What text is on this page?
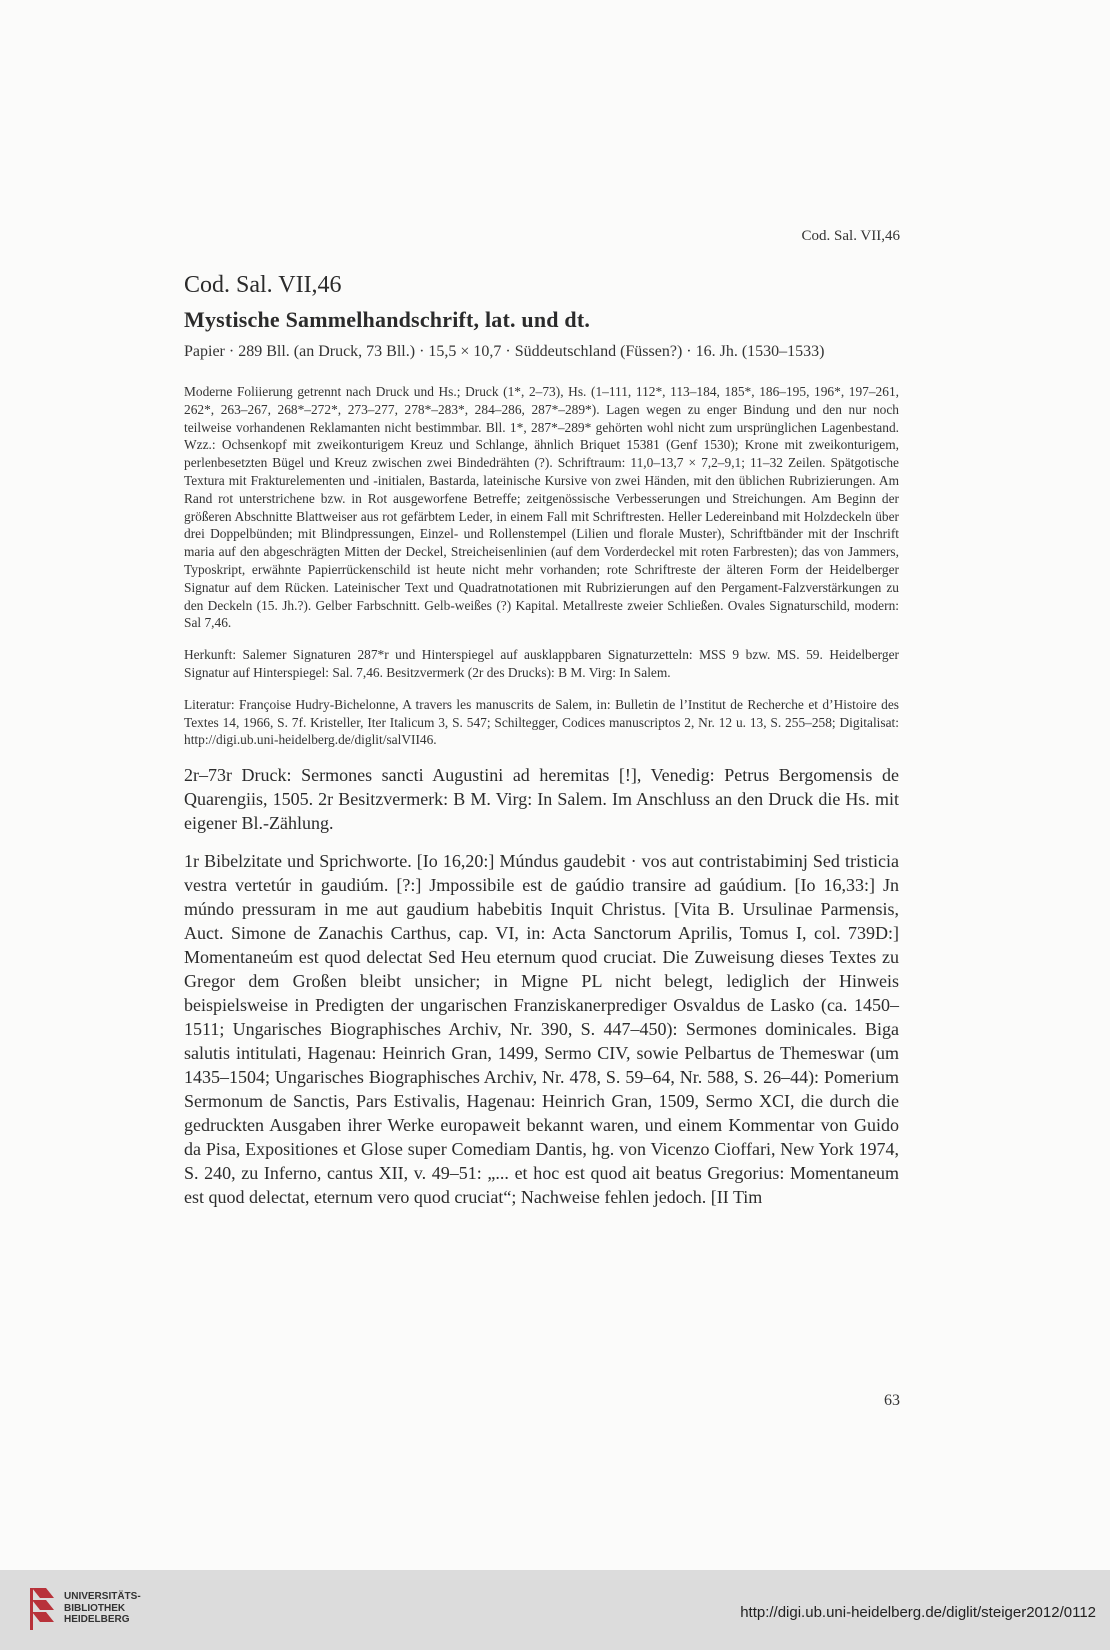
Cod. Sal. VII,46
Cod. Sal. VII,46
Mystische Sammelhandschrift, lat. und dt.
Papier · 289 Bll. (an Druck, 73 Bll.) · 15,5 × 10,7 · Süddeutschland (Füssen?) · 16. Jh. (1530–1533)

Moderne Foliierung getrennt nach Druck und Hs.; Druck (1*, 2–73), Hs. (1–111, 112*, 113–184, 185*, 186–195, 196*, 197–261, 262*, 263–267, 268*–272*, 273–277, 278*–283*, 284–286, 287*–289*). Lagen wegen zu enger Bindung und den nur noch teilweise vorhandenen Reklamanten nicht bestimmbar. Bll. 1*, 287*–289* gehörten wohl nicht zum ursprünglichen Lagenbestand. Wzz.: Ochsenkopf mit zweikonturigem Kreuz und Schlange, ähnlich Briquet 15381 (Genf 1530); Krone mit zweikonturigem, perlenbesetzten Bügel und Kreuz zwischen zwei Bindedrähten (?). Schriftraum: 11,0–13,7 × 7,2–9,1; 11–32 Zeilen. Spätgotische Textura mit Frakturelementen und -initialen, Bastarda, lateinische Kursive von zwei Händen, mit den üblichen Rubrizierungen. Am Rand rot unterstrichene bzw. in Rot ausgeworfene Betreffe; zeitgenössische Verbesserungen und Streichungen. Am Beginn der größeren Abschnitte Blattweiser aus rot gefärbtem Leder, in einem Fall mit Schriftresten. Heller Ledereinband mit Holzdeckeln über drei Doppelbünden; mit Blindpressungen, Einzel- und Rollenstempel (Lilien und florale Muster), Schriftbänder mit der Inschrift maria auf den abgeschrägten Mitten der Deckel, Streicheisenlinien (auf dem Vorderdeckel mit roten Farbresten); das von Jammers, Typoskript, erwähnte Papierrückenschild ist heute nicht mehr vorhanden; rote Schriftreste der älteren Form der Heidelberger Signatur auf dem Rücken. Lateinischer Text und Quadratnotationen mit Rubrizierungen auf den Pergament-Falzverstärkungen zu den Deckeln (15. Jh.?). Gelber Farbschnitt. Gelb-weißes (?) Kapital. Metallreste zweier Schließen. Ovales Signaturschild, modern: Sal 7,46.

Herkunft: Salemer Signaturen 287*r und Hinterspiegel auf ausklappbaren Signaturzetteln: MSS 9 bzw. MS. 59. Heidelberger Signatur auf Hinterspiegel: Sal. 7,46. Besitzvermerk (2r des Drucks): B M. Virg: In Salem.

Literatur: Françoise Hudry-Bichelonne, A travers les manuscrits de Salem, in: Bulletin de l’Institut de Recherche et d’Histoire des Textes 14, 1966, S. 7f. Kristeller, Iter Italicum 3, S. 547; Schiltegger, Codices manuscriptos 2, Nr. 12 u. 13, S. 255–258; Digitalisat: http://digi.ub.uni-heidelberg.de/diglit/salVII46.

2r–73r Druck: Sermones sancti Augustini ad heremitas [!], Venedig: Petrus Bergomensis de Quarengiis, 1505. 2r Besitzvermerk: B M. Virg: In Salem. Im Anschluss an den Druck die Hs. mit eigener Bl.-Zählung.

1r Bibelzitate und Sprichworte. [Io 16,20:] Múndus gaudebit · vos aut contristabiminj Sed tristicia vestra vertetúr in gaudiúm. [?:] Jmpossibile est de gaúdio transire ad gaúdium. [Io 16,33:] Jn múndo pressuram in me aut gaudium habebitis Inquit Christus. [Vita B. Ursulinae Parmensis, Auct. Simone de Zanachis Carthus, cap. VI, in: Acta Sanctorum Aprilis, Tomus I, col. 739D:] Momentaneúm est quod delectat Sed Heu eternum quod cruciat. Die Zuweisung dieses Textes zu Gregor dem Großen bleibt unsicher; in Migne PL nicht belegt, lediglich der Hinweis beispielsweise in Predigten der ungarischen Franziskanerprediger Osvaldus de Lasko (ca. 1450–1511; Ungarisches Biographisches Archiv, Nr. 390, S. 447–450): Sermones dominicales. Biga salutis intitulati, Hagenau: Heinrich Gran, 1499, Sermo CIV, sowie Pelbartus de Themeswar (um 1435–1504; Ungarisches Biographisches Archiv, Nr. 478, S. 59–64, Nr. 588, S. 26–44): Pomerium Sermonum de Sanctis, Pars Estivalis, Hagenau: Heinrich Gran, 1509, Sermo XCI, die durch die gedruckten Ausgaben ihrer Werke europaweit bekannt waren, und einem Kommentar von Guido da Pisa, Expositiones et Glose super Comediam Dantis, hg. von Vicenzo Cioffari, New York 1974, S. 240, zu Inferno, cantus XII, v. 49–51: „... et hoc est quod ait beatus Gregorius: Momentaneum est quod delectat, eternum vero quod cruciat“; Nachweise fehlen jedoch. [II Tim

63
UNIVERSITÄTS-
BIBLIOTHEK
HEIDELBERG	http://digi.ub.uni-heidelberg.de/diglit/steiger2012/0112
